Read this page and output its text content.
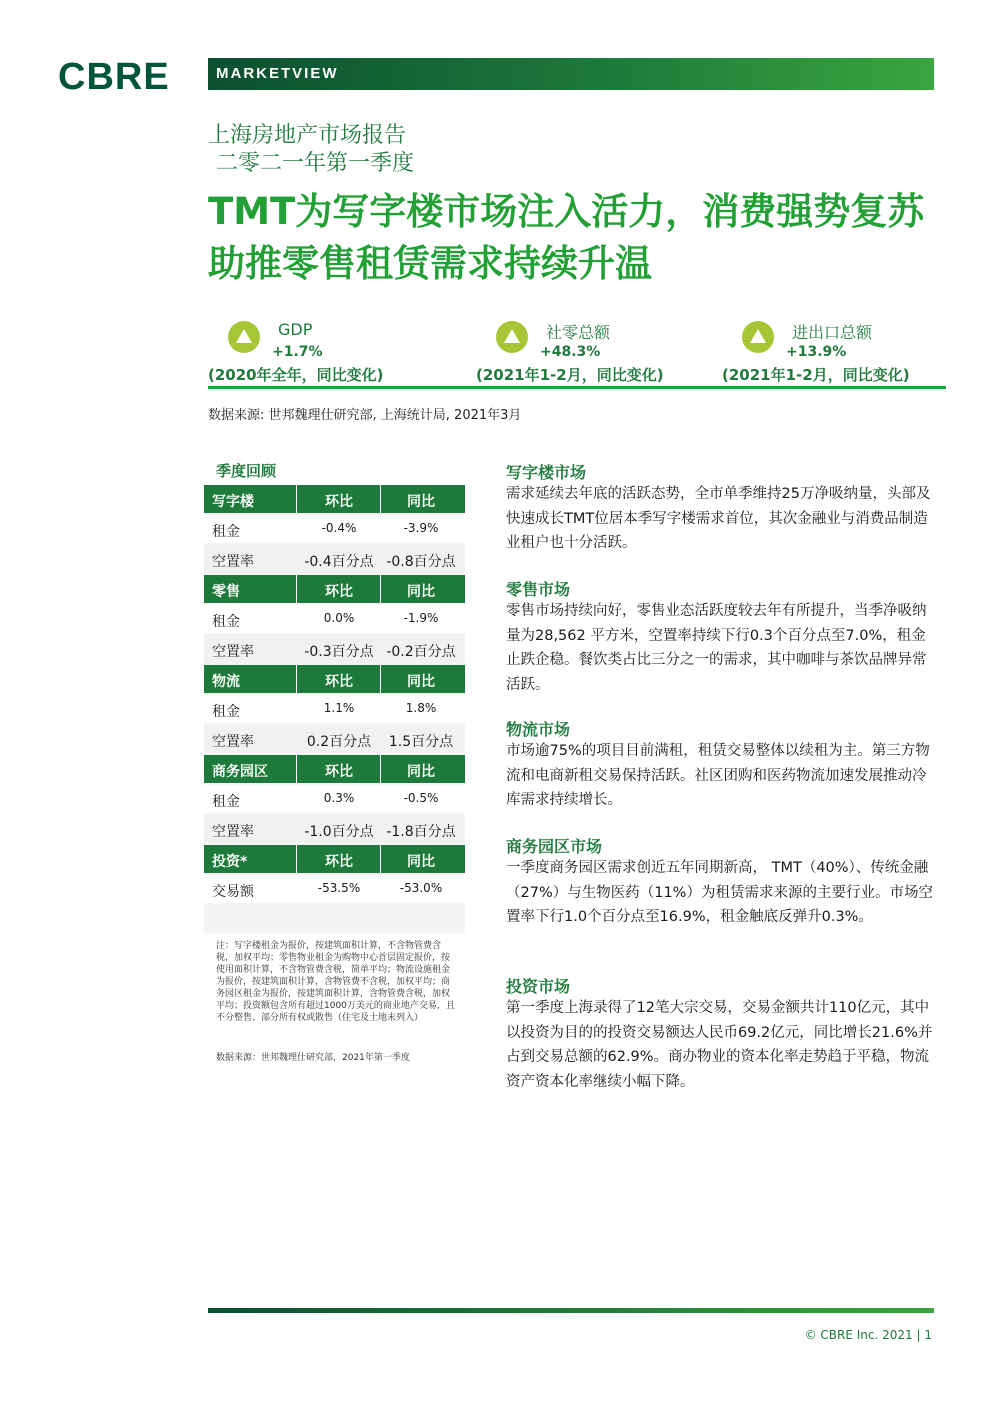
CBRE	MARKETVIEW
上海房地产市场报告
二零二一年第一季度
TMT为写字楼市场注入活力，消费强势复苏助推零售租赁需求持续升温
GDP
+1.7%
(2020年全年，同比变化)
社零总额
+48.3%
(2021年1-2月，同比变化)
进出口总额
+13.9%
(2021年1-2月，同比变化)
数据来源: 世邦魏理仕研究部, 上海统计局, 2021年3月
季度回顾
写字楼	环比	同比
租金	-0.4%	-3.9%
空置率	-0.4百分点 -0.8百分点
零售	环比	同比
租金	0.0%	-1.9%
空置率	-0.3百分点 -0.2百分点
物流	环比	同比
租金	1.1%	1.8%
空置率	0.2百分点	1.5百分点
商务园区	环比	同比
租金	0.3%	-0.5%
空置率	-1.0百分点 -1.8百分点
投资*	环比	同比
交易额	-53.5%	-53.0%
注：写字楼租金为报价，按建筑面积计算，不含物管费含税，加权平均；零售物业租金为购物中心首层固定报价，按使用面积计算，不含物管费含税，简单平均；物流设施租金为报价，按建筑面积计算，含物管费不含税，加权平均；商务园区租金为报价，按建筑面积计算，含物管费含税，加权平均；投资额包含所有超过1000万美元的商业地产交易，且不分整售、部分所有权或散售（住宅及土地未列入）
数据来源：世邦魏理仕研究部，2021年第一季度
写字楼市场
需求延续去年底的活跃态势，全市单季维持25万净吸纳量，头部及快速成长TMT位居本季写字楼需求首位，其次金融业与消费品制造业租户也十分活跃。
零售市场
零售市场持续向好，零售业态活跃度较去年有所提升，当季净吸纳量为28,562 平方米，空置率持续下行0.3个百分点至7.0%，租金止跌企稳。餐饮类占比三分之一的需求，其中咖啡与茶饮品牌异常活跃。
物流市场
市场逾75%的项目目前满租，租赁交易整体以续租为主。第三方物流和电商新租交易保持活跃。社区团购和医药物流加速发展推动冷库需求持续增长。
商务园区市场
一季度商务园区需求创近五年同期新高， TMT（40%）、传统金融（27%）与生物医药（11%）为租赁需求来源的主要行业。市场空置率下行1.0个百分点至16.9%，租金触底反弹升0.3%。
投资市场
第一季度上海录得了12笔大宗交易，交易金额共计110亿元，其中以投资为目的的投资交易额达人民币69.2亿元，同比增长21.6%并占到交易总额的62.9%。商办物业的资本化率走势趋于平稳，物流资产资本化率继续小幅下降。
© CBRE Inc. 2021 | 1
